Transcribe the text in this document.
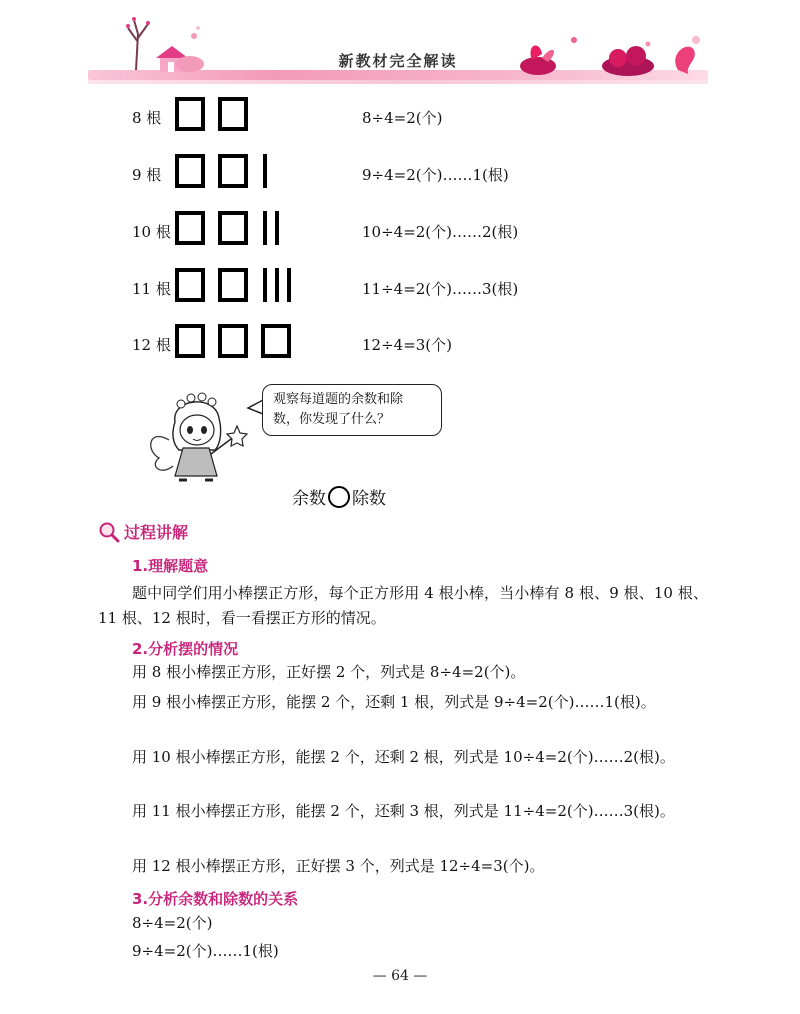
新教材完全解读
8 根	8÷4=2(个)
9 根	9÷4=2(个)……1(根)
10 根	10÷4=2(个)……2(根)
11 根	11÷4=2(个)……3(根)
12 根	12÷4=3(个)
观察每道题的余数和除
数，你发现了什么？
余数 除数
过程讲解
1.理解题意
题中同学们用小棒摆正方形，每个正方形用 4 根小棒，当小棒有 8 根、9 根、10 根、11 根、12 根时，看一看摆正方形的情况。
2.分析摆的情况
用 8 根小棒摆正方形，正好摆 2 个，列式是 8÷4=2(个)。
用 9 根小棒摆正方形，能摆 2 个，还剩 1 根，列式是 9÷4=2(个)……1(根)。
用 10 根小棒摆正方形，能摆 2 个，还剩 2 根，列式是 10÷4=2(个)……2(根)。
用 11 根小棒摆正方形，能摆 2 个，还剩 3 根，列式是 11÷4=2(个)……3(根)。
用 12 根小棒摆正方形，正好摆 3 个，列式是 12÷4=3(个)。
3.分析余数和除数的关系
8÷4=2(个)
9÷4=2(个)……1(根)
— 64 —
